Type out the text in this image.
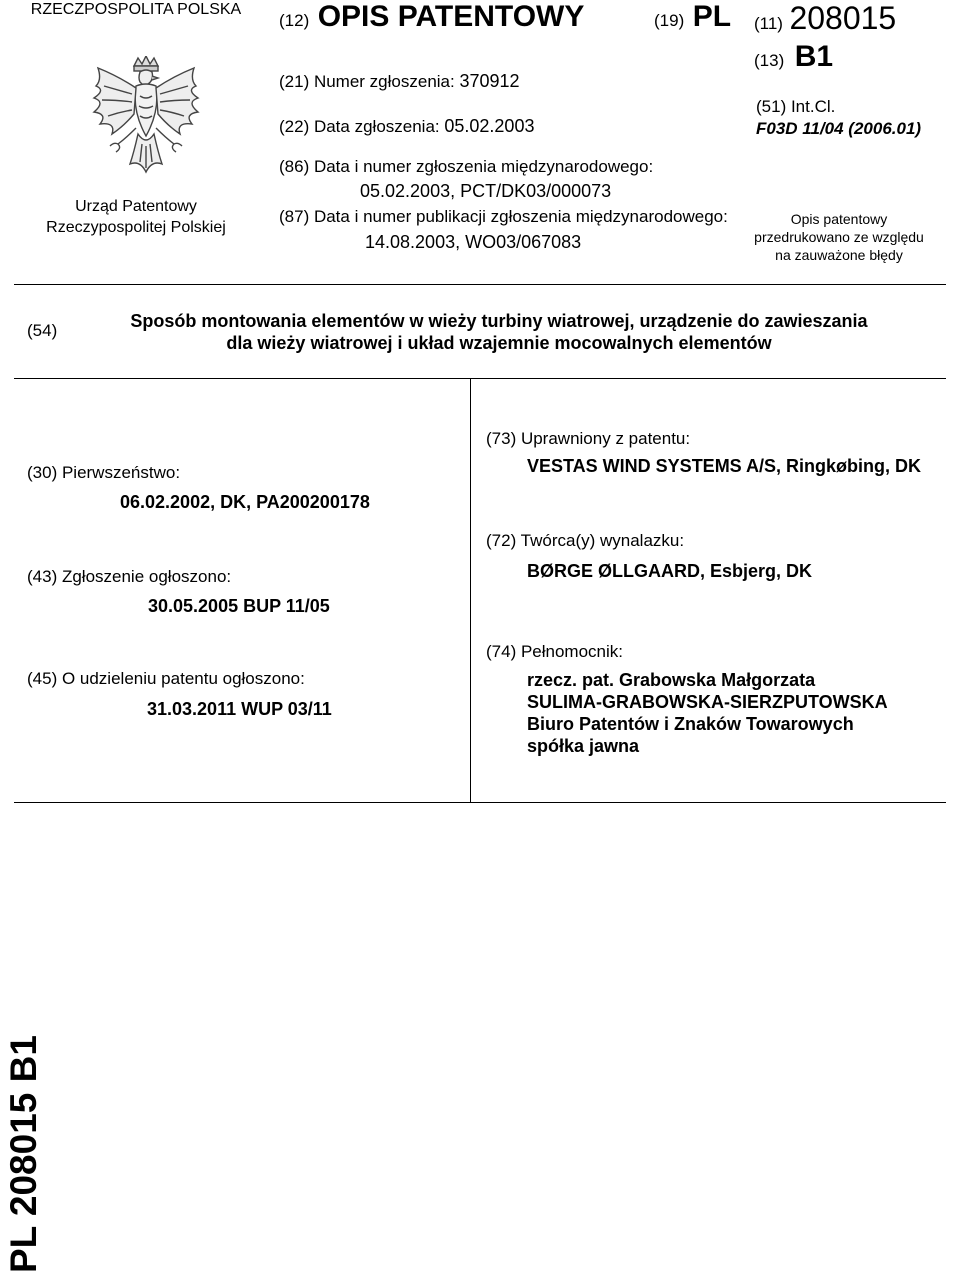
RZECZPOSPOLITA POLSKA
Urząd Patentowy
Rzeczypospolitej Polskiej
(12) OPIS PATENTOWY	(19) PL
(21) Numer zgłoszenia: 370912
(22) Data zgłoszenia: 05.02.2003
(86) Data i numer zgłoszenia międzynarodowego:
05.02.2003, PCT/DK03/000073
(87) Data i numer publikacji zgłoszenia międzynarodowego:
14.08.2003, WO03/067083
(11) 208015
(13) B1
(51) Int.Cl.
F03D 11/04 (2006.01)
Opis patentowy
przedrukowano ze względu
na zauważone błędy
(54)	Sposób montowania elementów w wieży turbiny wiatrowej, urządzenie do zawieszania
dla wieży wiatrowej i układ wzajemnie mocowalnych elementów
(30) Pierwszeństwo:
06.02.2002, DK, PA200200178
(43) Zgłoszenie ogłoszono:
30.05.2005 BUP 11/05
(45) O udzieleniu patentu ogłoszono:
31.03.2011 WUP 03/11
(73) Uprawniony z patentu:
VESTAS WIND SYSTEMS A/S, Ringkøbing, DK
(72) Twórca(y) wynalazku:
BØRGE ØLLGAARD, Esbjerg, DK
(74) Pełnomocnik:
rzecz. pat. Grabowska Małgorzata
SULIMA-GRABOWSKA-SIERZPUTOWSKA
Biuro Patentów i Znaków Towarowych
spółka jawna
PL 208015 B1
